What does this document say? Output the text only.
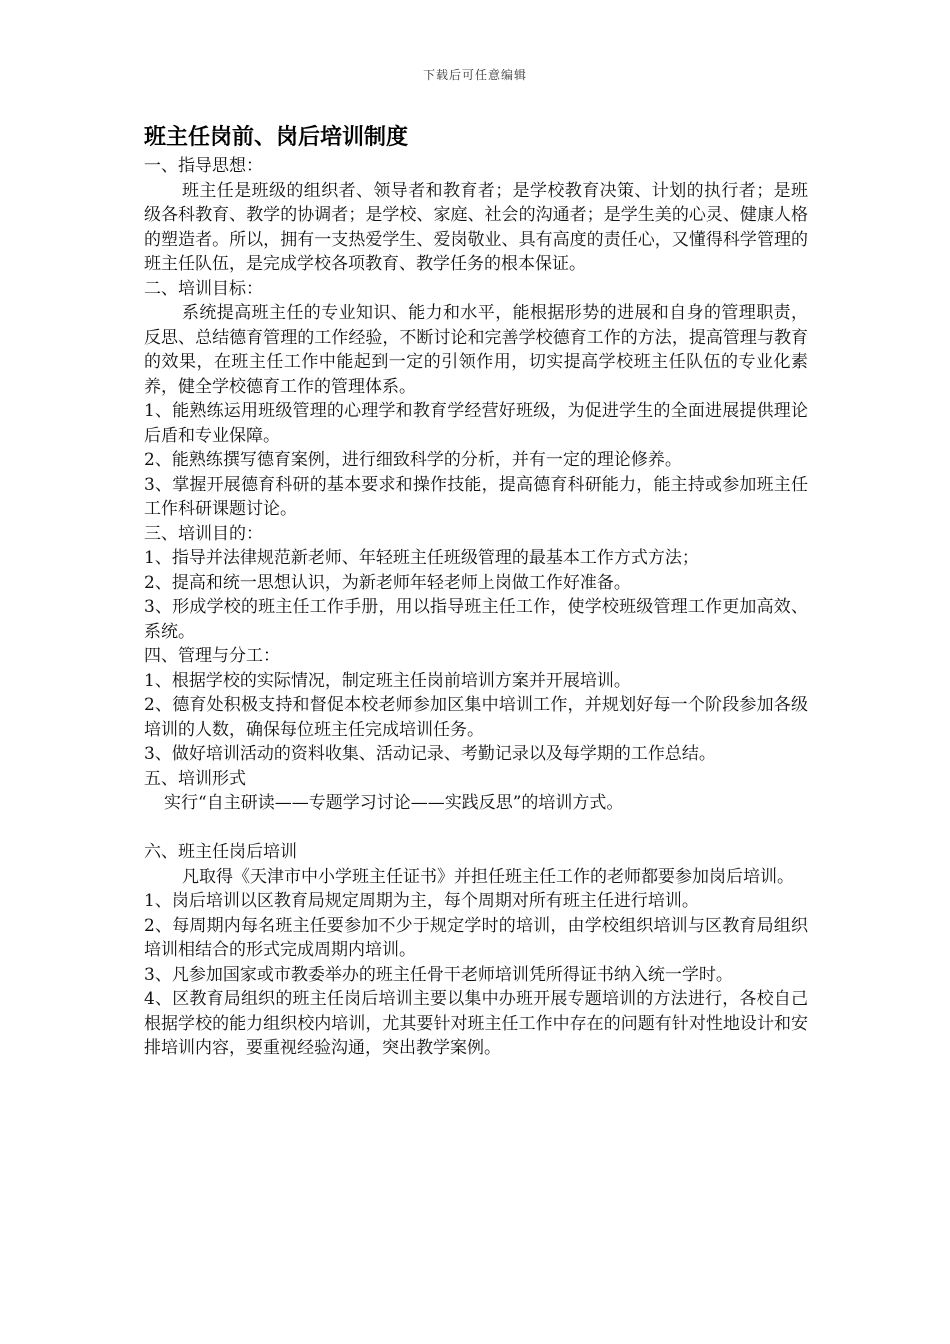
下载后可任意编辑
班主任岗前、岗后培训制度

一、指导思想：

班主任是班级的组织者、领导者和教育者；是学校教育决策、计划的执行者；是班级各科教育、教学的协调者；是学校、家庭、社会的沟通者；是学生美的心灵、健康人格的塑造者。所以，拥有一支热爱学生、爱岗敬业、具有高度的责任心，又懂得科学管理的班主任队伍，是完成学校各项教育、教学任务的根本保证。

二、培训目标：

系统提高班主任的专业知识、能力和水平，能根据形势的进展和自身的管理职责，反思、总结德育管理的工作经验，不断讨论和完善学校德育工作的方法，提高管理与教育的效果，在班主任工作中能起到一定的引领作用，切实提高学校班主任队伍的专业化素养，健全学校德育工作的管理体系。

1、能熟练运用班级管理的心理学和教育学经营好班级，为促进学生的全面进展提供理论后盾和专业保障。

2、能熟练撰写德育案例，进行细致科学的分析，并有一定的理论修养。

3、掌握开展德育科研的基本要求和操作技能，提高德育科研能力，能主持或参加班主任工作科研课题讨论。

三、培训目的：

1、指导并法律规范新老师、年轻班主任班级管理的最基本工作方式方法；

2、提高和统一思想认识，为新老师年轻老师上岗做工作好准备。

3、形成学校的班主任工作手册，用以指导班主任工作，使学校班级管理工作更加高效、系统。

四、管理与分工：

1、根据学校的实际情况，制定班主任岗前培训方案并开展培训。

2、德育处积极支持和督促本校老师参加区集中培训工作，并规划好每一个阶段参加各级培训的人数，确保每位班主任完成培训任务。

3、做好培训活动的资料收集、活动记录、考勤记录以及每学期的工作总结。

五、培训形式

实行“自主研读——专题学习讨论——实践反思”的培训方式。

六、班主任岗后培训

凡取得《天津市中小学班主任证书》并担任班主任工作的老师都要参加岗后培训。

1、岗后培训以区教育局规定周期为主，每个周期对所有班主任进行培训。

2、每周期内每名班主任要参加不少于规定学时的培训，由学校组织培训与区教育局组织培训相结合的形式完成周期内培训。

3、凡参加国家或市教委举办的班主任骨干老师培训凭所得证书纳入统一学时。

4、区教育局组织的班主任岗后培训主要以集中办班开展专题培训的方法进行，各校自己根据学校的能力组织校内培训，尤其要针对班主任工作中存在的问题有针对性地设计和安排培训内容，要重视经验沟通，突出教学案例。
